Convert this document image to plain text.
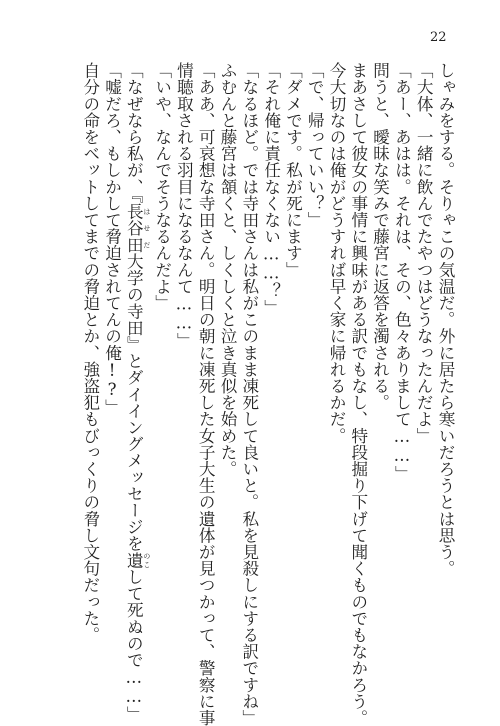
22
しゃみをする。そりゃこの気温だ。外に居たら寒いだろうとは思う。
「大体、一緒に飲んでたやつはどうなったんだよ」
「あー、あはは。それは、その、色々ありまして……」
問うと、曖昧な笑みで藤宮に返答を濁される。
まあさして彼女の事情に興味がある訳でもなし、特段掘り下げて聞くものでもなかろう。
今大切なのは俺がどうすれば早く家に帰れるかだ。
「で、帰っていい？」
「ダメです。私が死にます」
「それ俺に責任なくない……？」
「なるほど。では寺田さんは私がこのまま凍死して良いと。私を見殺しにする訳ですね」
ふむんと藤宮は頷くと、しくしくと泣き真似を始めた。
「ああ、可哀想な寺田さん。明日の朝に凍死した女子大生の遺体が見つかって、警察に事
情聴取される羽目になるなんて……」
「いや、なんでそうなるんだよ」
「なぜなら私が、『長谷田 はせだ大学の寺田』とダイイングメッセージを遺 のこして死ぬので……」
「嘘だろ、もしかして脅迫されてんの俺!?」
自分の命をベットしてまでの脅迫とか、強盗犯もびっくりの脅し文句だった。
